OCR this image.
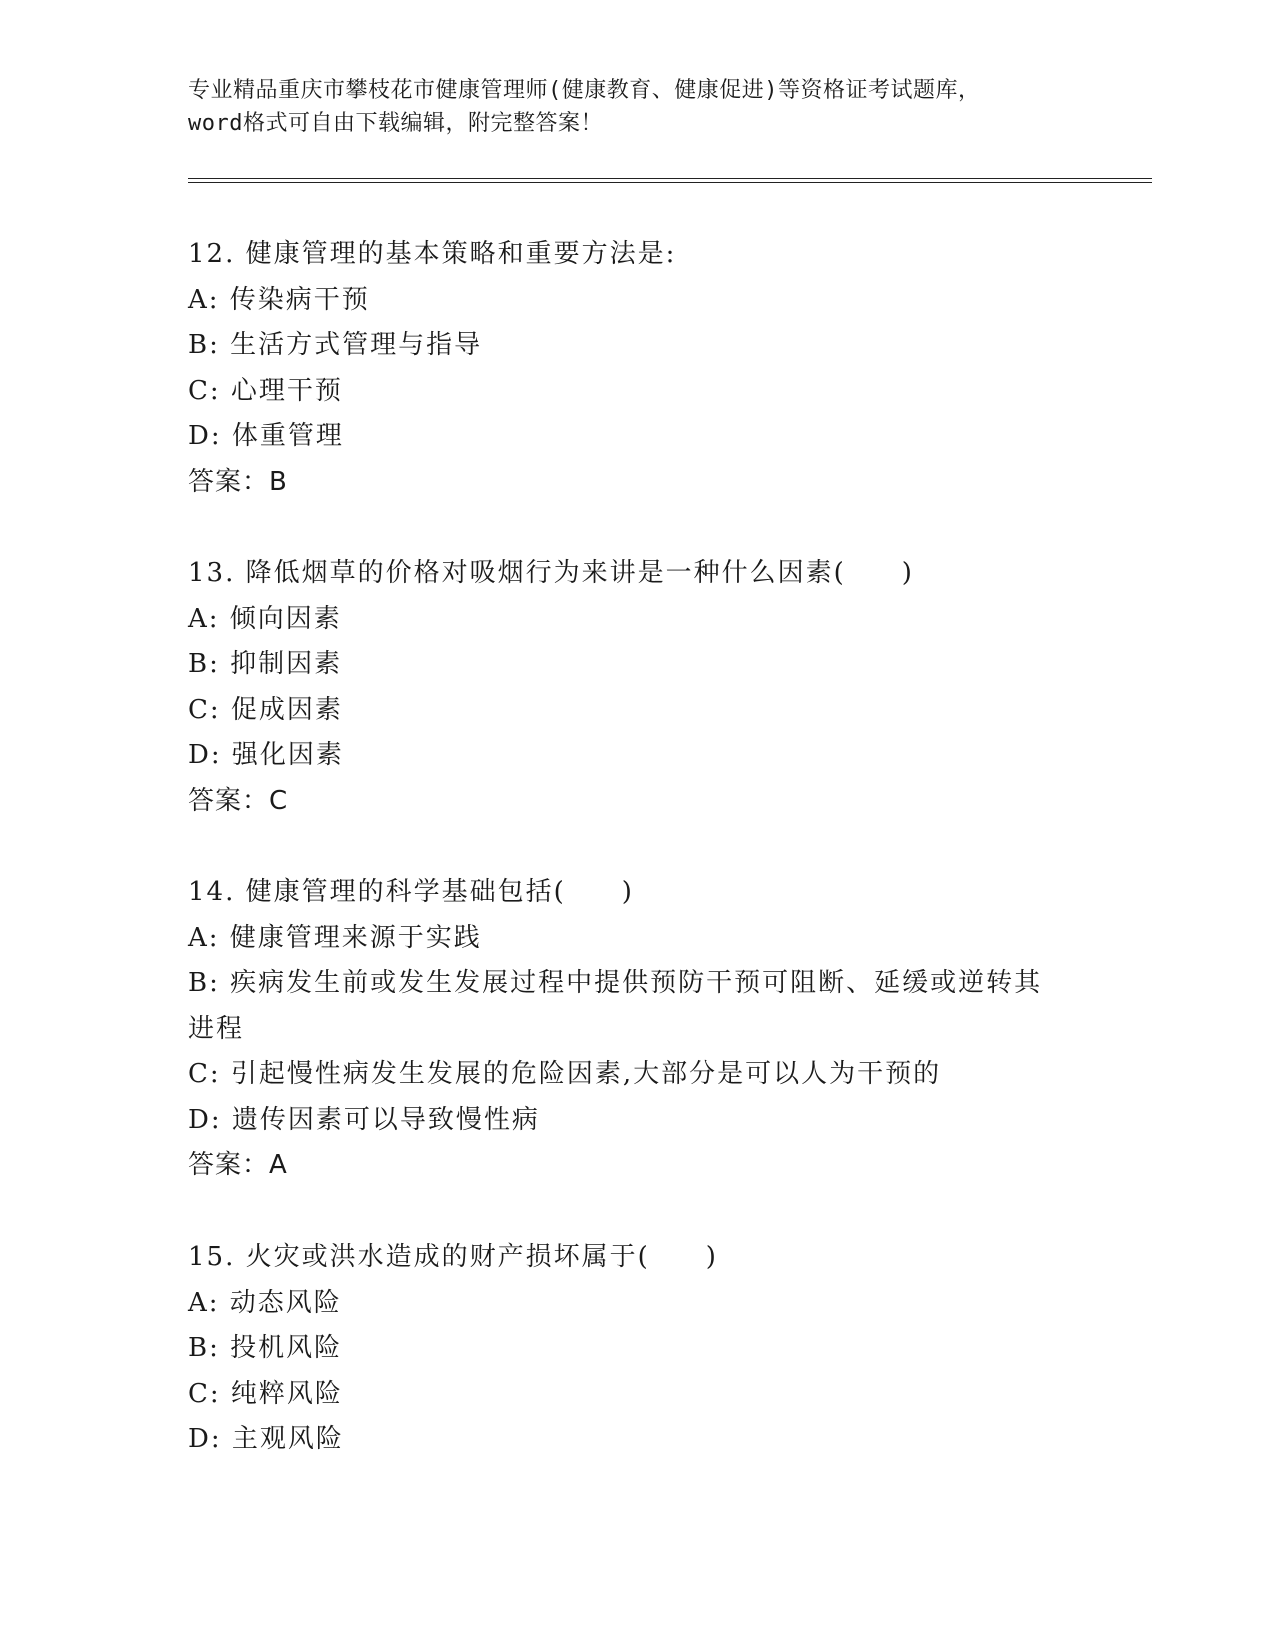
专业精品重庆市攀枝花市健康管理师(健康教育、健康促进)等资格证考试题库，
word格式可自由下载编辑，附完整答案！
12. 健康管理的基本策略和重要方法是:
A: 传染病干预
B: 生活方式管理与指导
C: 心理干预
D: 体重管理
答案：B
13. 降低烟草的价格对吸烟行为来讲是一种什么因素(　　)
A: 倾向因素
B: 抑制因素
C: 促成因素
D: 强化因素
答案：C
14. 健康管理的科学基础包括(　　)
A: 健康管理来源于实践
B: 疾病发生前或发生发展过程中提供预防干预可阻断、延缓或逆转其进程
C: 引起慢性病发生发展的危险因素,大部分是可以人为干预的
D: 遗传因素可以导致慢性病
答案：A
15. 火灾或洪水造成的财产损坏属于(　　)
A: 动态风险
B: 投机风险
C: 纯粹风险
D: 主观风险
